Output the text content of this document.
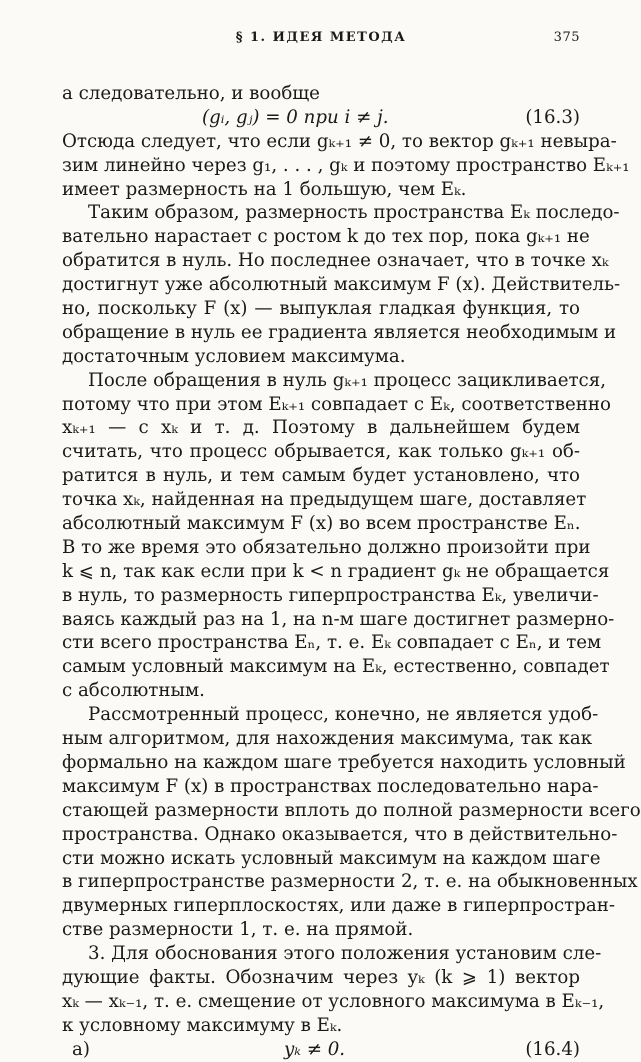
§ 1. ИДЕЯ МЕТОДА	375
а следовательно, и вообще
(gᵢ, gⱼ) = 0 при i ≠ j.	(16.3)
Отсюда следует, что если gₖ₊₁ ≠ 0, то вектор gₖ₊₁ невыра-
зим линейно через g₁, . . . , gₖ и поэтому пространство Eₖ₊₁
имеет размерность на 1 большую, чем Eₖ.
Таким образом, размерность пространства Eₖ последо-
вательно нарастает с ростом k до тех пор, пока gₖ₊₁ не
обратится в нуль. Но последнее означает, что в точке xₖ
достигнут уже абсолютный максимум F (x). Действитель-
но, поскольку F (x) — выпуклая гладкая функция, то
обращение в нуль ее градиента является необходимым и
достаточным условием максимума.
После обращения в нуль gₖ₊₁ процесс зацикливается,
потому что при этом Eₖ₊₁ совпадает с Eₖ, соответственно
xₖ₊₁ — с xₖ и т. д. Поэтому в дальнейшем будем
считать, что процесс обрывается, как только gₖ₊₁ об-
ратится в нуль, и тем самым будет установлено, что
точка xₖ, найденная на предыдущем шаге, доставляет
абсолютный максимум F (x) во всем пространстве Eₙ.
В то же время это обязательно должно произойти при
k ⩽ n, так как если при k < n градиент gₖ не обращается
в нуль, то размерность гиперпространства Eₖ, увеличи-
ваясь каждый раз на 1, на n-м шаге достигнет размерно-
сти всего пространства Eₙ, т. е. Eₖ совпадает с Eₙ, и тем
самым условный максимум на Eₖ, естественно, совпадет
с абсолютным.
Рассмотренный процесс, конечно, не является удоб-
ным алгоритмом, для нахождения максимума, так как
формально на каждом шаге требуется находить условный
максимум F (x) в пространствах последовательно нара-
стающей размерности вплоть до полной размерности всего
пространства. Однако оказывается, что в действительно-
сти можно искать условный максимум на каждом шаге
в гиперпространстве размерности 2, т. е. на обыкновенных
двумерных гиперплоскостях, или даже в гиперпростран-
стве размерности 1, т. е. на прямой.
3. Для обоснования этого положения установим сле-
дующие факты. Обозначим через yₖ (k ⩾ 1) вектор
xₖ — xₖ₋₁, т. е. смещение от условного максимума в Eₖ₋₁,
к условному максимуму в Eₖ.
а)	yₖ ≠ 0.	(16.4)
